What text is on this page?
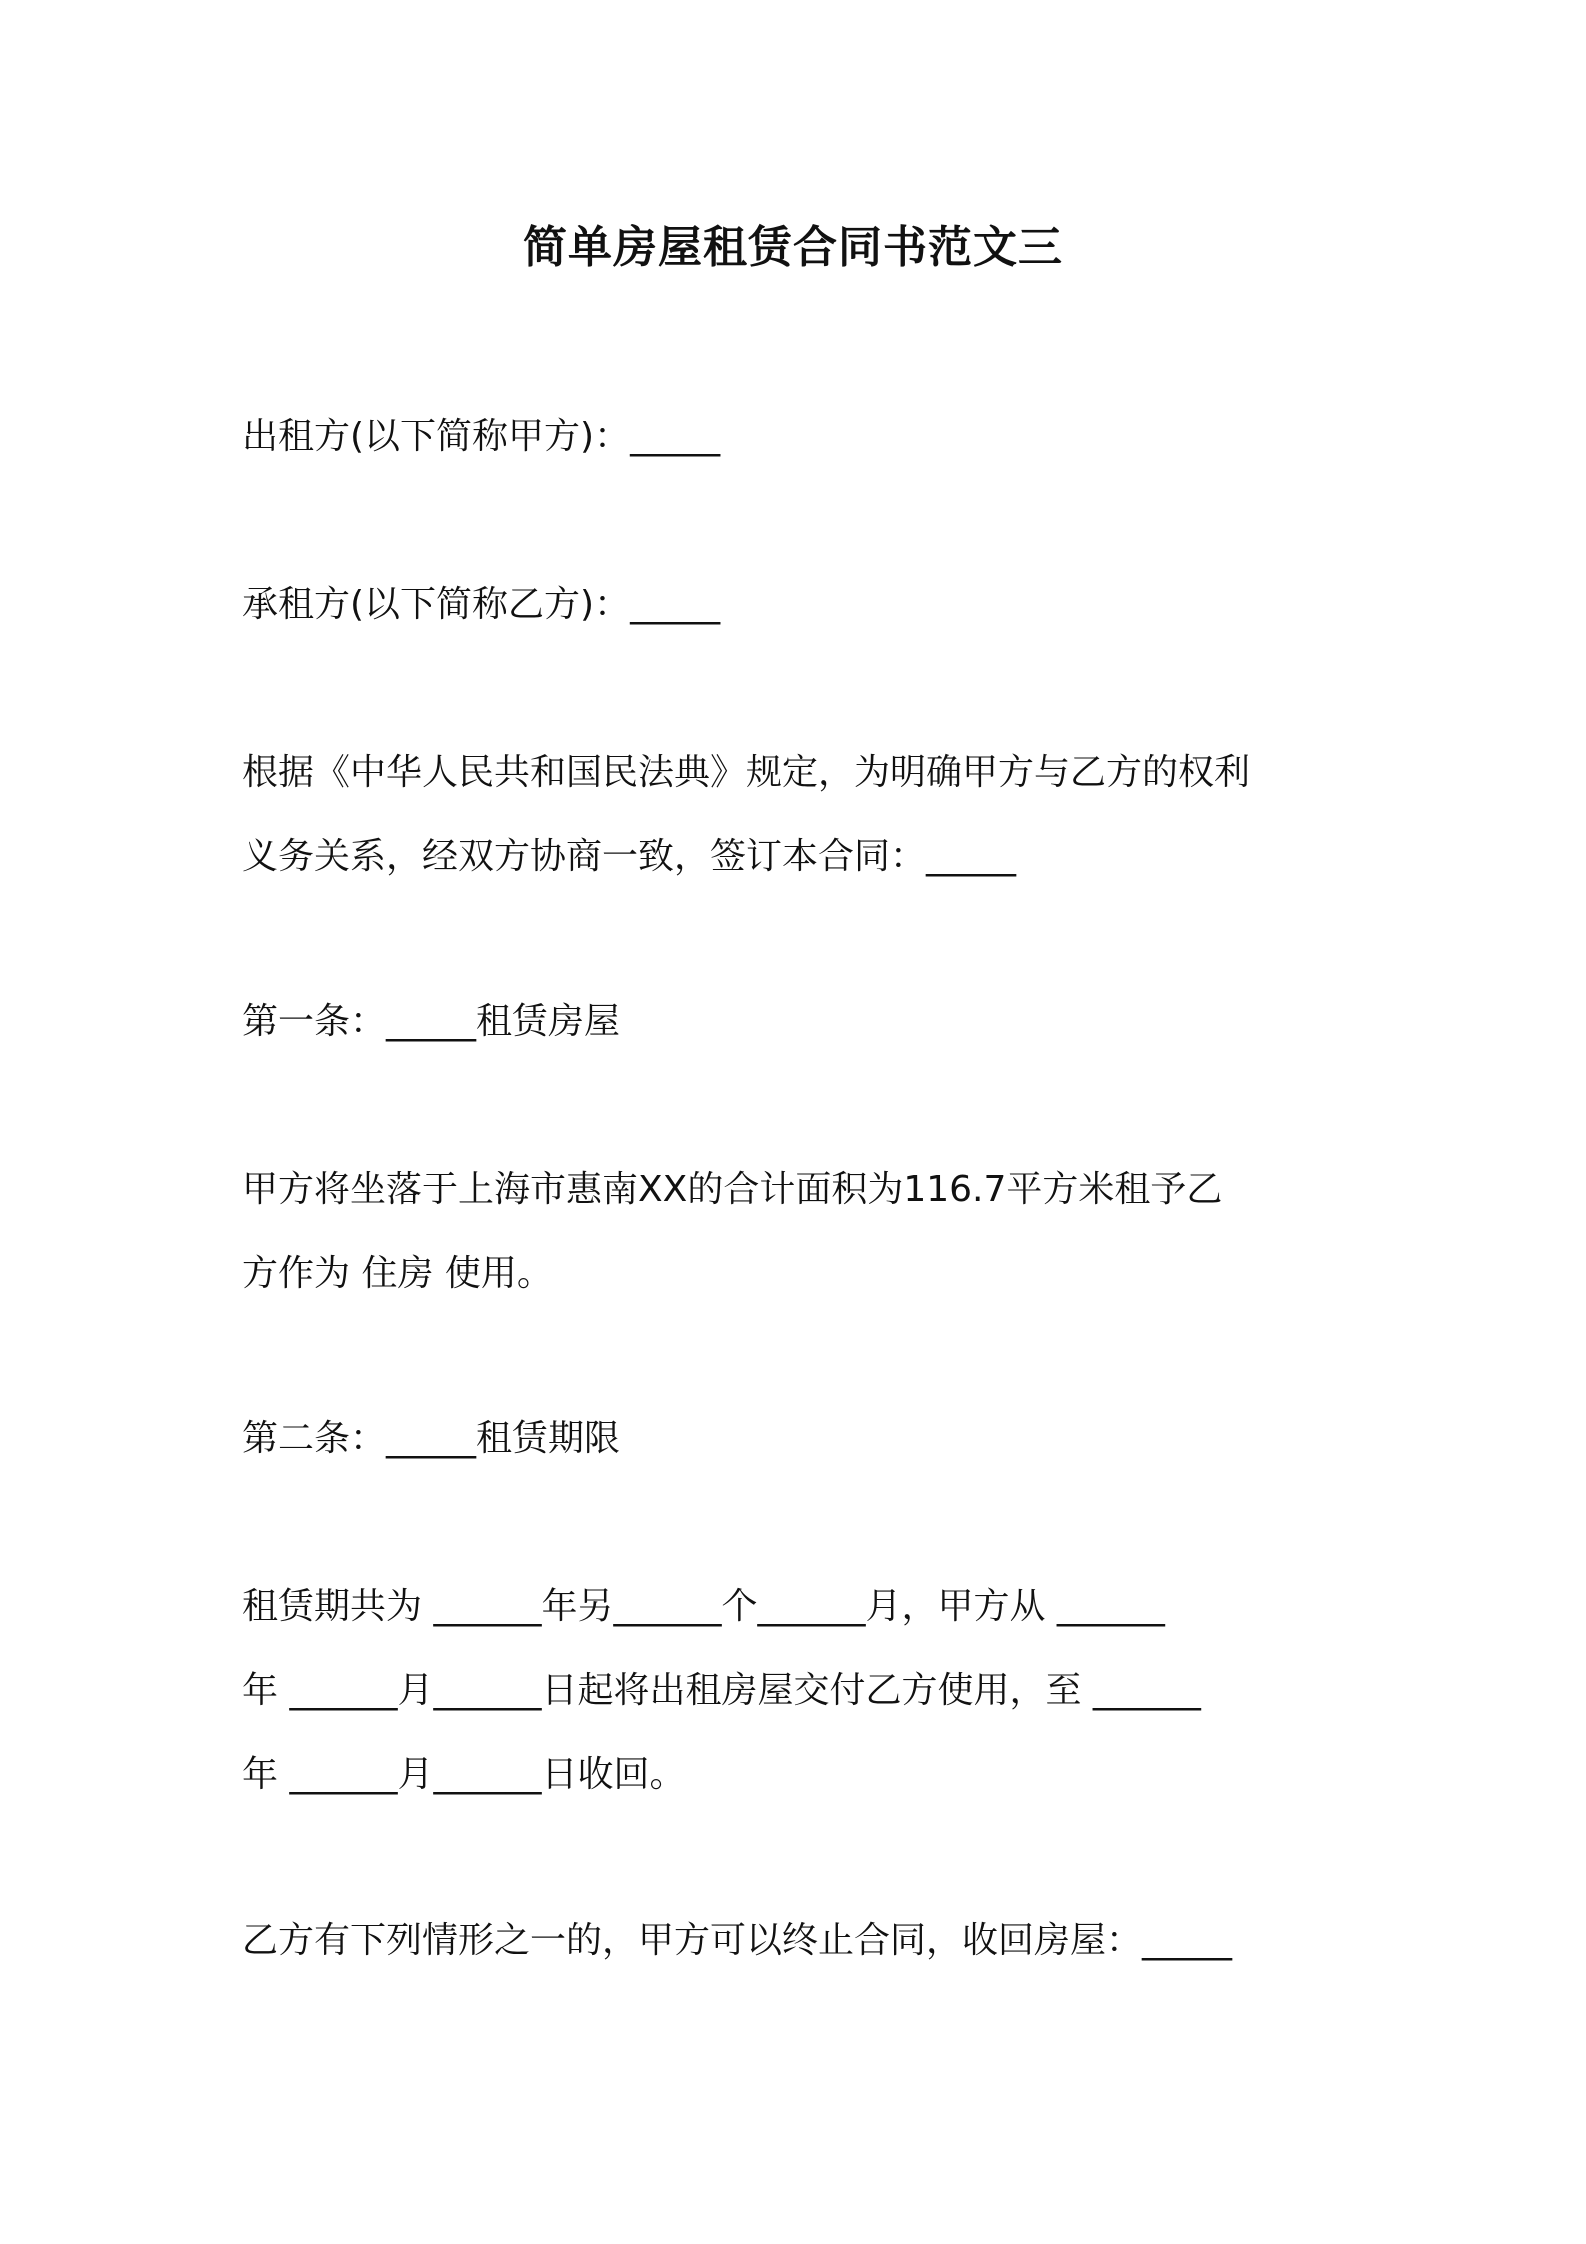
简单房屋租赁合同书范文三
出租方(以下简称甲方)：_____
承租方(以下简称乙方)：_____
根据《中华人民共和国民法典》规定，为明确甲方与乙方的权利
义务关系，经双方协商一致，签订本合同：_____
第一条：_____租赁房屋
甲方将坐落于上海市惠南XX的合计面积为116.7平方米租予乙
方作为 住房 使用。
第二条：_____租赁期限
租赁期共为 ______年另______个______月，甲方从 ______
年 ______月______日起将出租房屋交付乙方使用，至 ______
年 ______月______日收回。
乙方有下列情形之一的，甲方可以终止合同，收回房屋：_____
